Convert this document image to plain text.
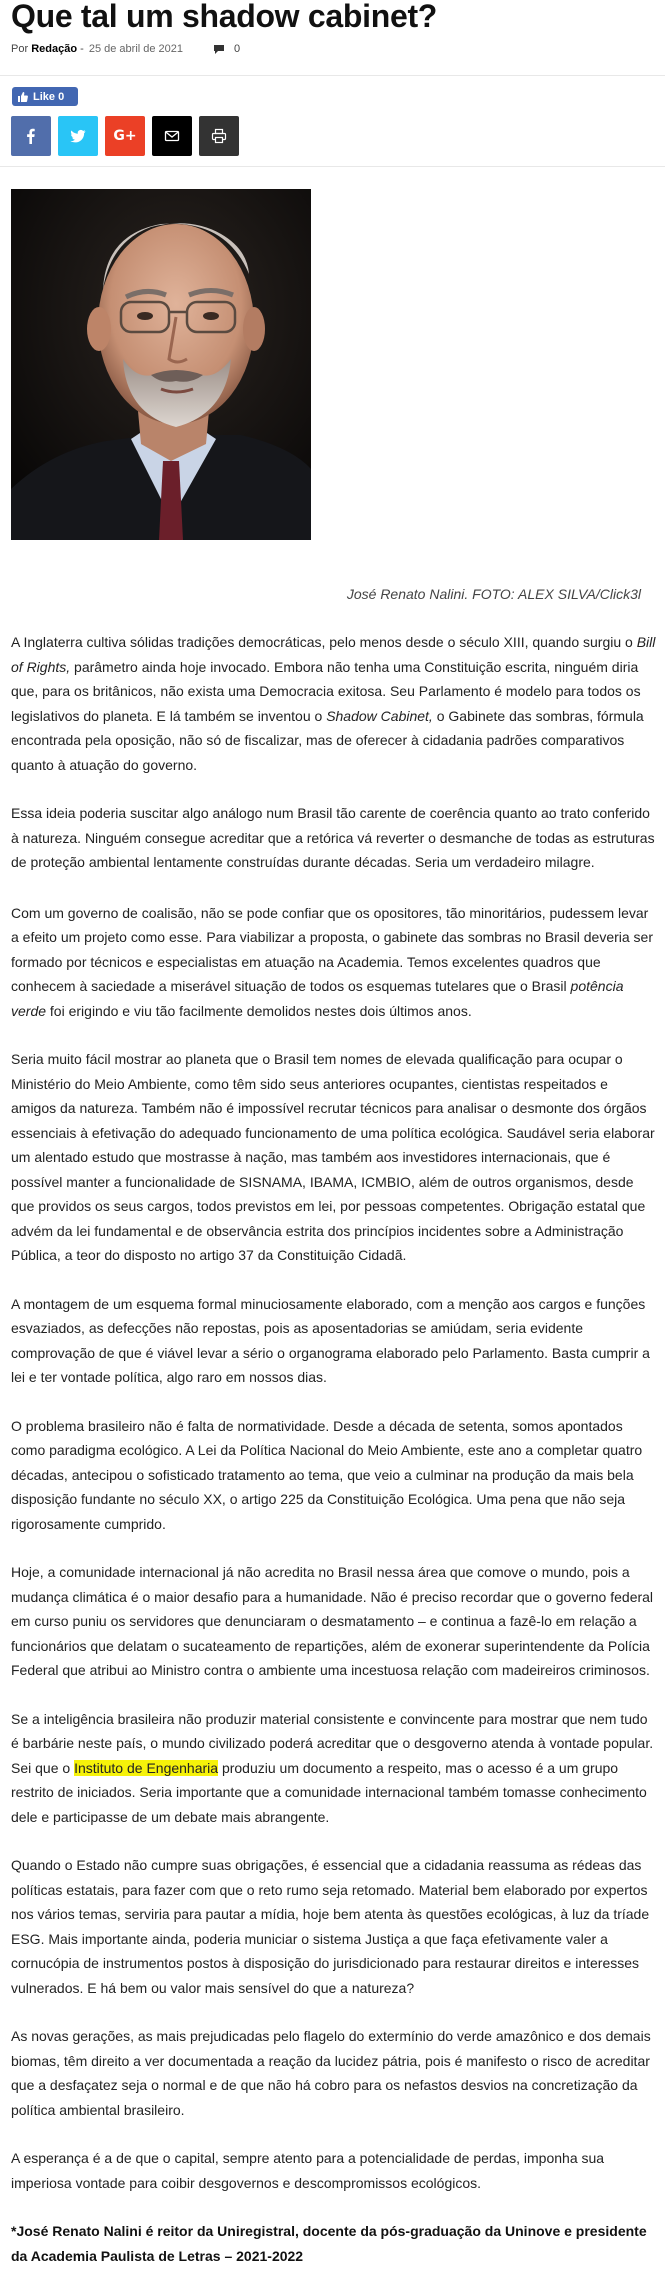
Que tal um shadow cabinet?
Por Redação - 25 de abril de 2021	0
Like 0
G+
José Renato Nalini. FOTO: ALEX SILVA/Click3l

A Inglaterra cultiva sólidas tradições democráticas, pelo menos desde o século XIII, quando surgiu o Bill of Rights, parâmetro ainda hoje invocado. Embora não tenha uma Constituição escrita, ninguém diria que, para os britânicos, não exista uma Democracia exitosa. Seu Parlamento é modelo para todos os legislativos do planeta. E lá também se inventou o Shadow Cabinet, o Gabinete das sombras, fórmula encontrada pela oposição, não só de fiscalizar, mas de oferecer à cidadania padrões comparativos quanto à atuação do governo.

Essa ideia poderia suscitar algo análogo num Brasil tão carente de coerência quanto ao trato conferido à natureza. Ninguém consegue acreditar que a retórica vá reverter o desmanche de todas as estruturas de proteção ambiental lentamente construídas durante décadas. Seria um verdadeiro milagre.

Com um governo de coalisão, não se pode confiar que os opositores, tão minoritários, pudessem levar a efeito um projeto como esse. Para viabilizar a proposta, o gabinete das sombras no Brasil deveria ser formado por técnicos e especialistas em atuação na Academia. Temos excelentes quadros que conhecem à saciedade a miserável situação de todos os esquemas tutelares que o Brasil potência verde foi erigindo e viu tão facilmente demolidos nestes dois últimos anos.

Seria muito fácil mostrar ao planeta que o Brasil tem nomes de elevada qualificação para ocupar o Ministério do Meio Ambiente, como têm sido seus anteriores ocupantes, cientistas respeitados e amigos da natureza. Também não é impossível recrutar técnicos para analisar o desmonte dos órgãos essenciais à efetivação do adequado funcionamento de uma política ecológica. Saudável seria elaborar um alentado estudo que mostrasse à nação, mas também aos investidores internacionais, que é possível manter a funcionalidade de SISNAMA, IBAMA, ICMBIO, além de outros organismos, desde que providos os seus cargos, todos previstos em lei, por pessoas competentes. Obrigação estatal que advém da lei fundamental e de observância estrita dos princípios incidentes sobre a Administração Pública, a teor do disposto no artigo 37 da Constituição Cidadã.

A montagem de um esquema formal minuciosamente elaborado, com a menção aos cargos e funções esvaziados, as defecções não repostas, pois as aposentadorias se amiúdam, seria evidente comprovação de que é viável levar a sério o organograma elaborado pelo Parlamento. Basta cumprir a lei e ter vontade política, algo raro em nossos dias.

O problema brasileiro não é falta de normatividade. Desde a década de setenta, somos apontados como paradigma ecológico. A Lei da Política Nacional do Meio Ambiente, este ano a completar quatro décadas, antecipou o sofisticado tratamento ao tema, que veio a culminar na produção da mais bela disposição fundante no século XX, o artigo 225 da Constituição Ecológica. Uma pena que não seja rigorosamente cumprido.

Hoje, a comunidade internacional já não acredita no Brasil nessa área que comove o mundo, pois a mudança climática é o maior desafio para a humanidade. Não é preciso recordar que o governo federal em curso puniu os servidores que denunciaram o desmatamento – e continua a fazê-lo em relação a funcionários que delatam o sucateamento de repartições, além de exonerar superintendente da Polícia Federal que atribui ao Ministro contra o ambiente uma incestuosa relação com madeireiros criminosos.

Se a inteligência brasileira não produzir material consistente e convincente para mostrar que nem tudo é barbárie neste país, o mundo civilizado poderá acreditar que o desgoverno atenda à vontade popular. Sei que o Instituto de Engenharia produziu um documento a respeito, mas o acesso é a um grupo restrito de iniciados. Seria importante que a comunidade internacional também tomasse conhecimento dele e participasse de um debate mais abrangente.

Quando o Estado não cumpre suas obrigações, é essencial que a cidadania reassuma as rédeas das políticas estatais, para fazer com que o reto rumo seja retomado. Material bem elaborado por expertos nos vários temas, serviria para pautar a mídia, hoje bem atenta às questões ecológicas, à luz da tríade ESG. Mais importante ainda, poderia municiar o sistema Justiça a que faça efetivamente valer a cornucópia de instrumentos postos à disposição do jurisdicionado para restaurar direitos e interesses vulnerados. E há bem ou valor mais sensível do que a natureza?

As novas gerações, as mais prejudicadas pelo flagelo do extermínio do verde amazônico e dos demais biomas, têm direito a ver documentada a reação da lucidez pátria, pois é manifesto o risco de acreditar que a desfaçatez seja o normal e de que não há cobro para os nefastos desvios na concretização da política ambiental brasileiro.

A esperança é a de que o capital, sempre atento para a potencialidade de perdas, imponha sua imperiosa vontade para coibir desgovernos e descompromissos ecológicos.

*José Renato Nalini é reitor da Uniregistral, docente da pós-graduação da Uninove e presidente da Academia Paulista de Letras – 2021-2022
